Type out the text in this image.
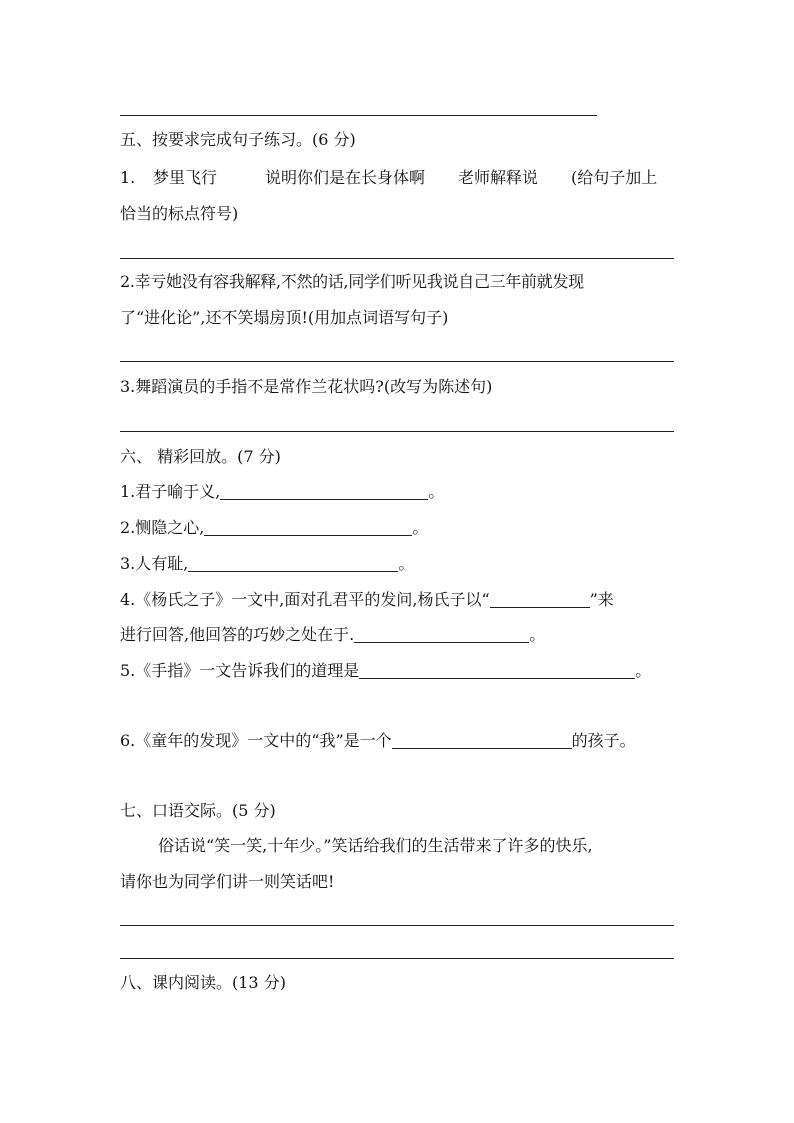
五、按要求完成句子练习。(6 分)
1. 梦里飞行	说明你们是在长身体啊 老师解释说 (给句子加上
恰当的标点符号)
2.幸亏她没有容我解释,不然的话,同学们听见我说自己三年前就发现
了“进化论”,还不笑塌房顶!(用加点词语写句子)
3.舞蹈演员的手指不是常作兰花状吗?(改写为陈述句)
六、 精彩回放。(7 分)
1.君子喻于义,	。
2.恻隐之心,	。
3.人有耻,	。
4.《杨氏之子》一文中,面对孔君平的发问,杨氏子以“	”来
进行回答,他回答的巧妙之处在于.	。
5.《手指》一文告诉我们的道理是	。
6.《童年的发现》一文中的“我”是一个	的孩子。
七、口语交际。(5 分)
俗话说“笑一笑,十年少。”笑话给我们的生活带来了许多的快乐,
请你也为同学们讲一则笑话吧!
八、课内阅读。(13 分)
